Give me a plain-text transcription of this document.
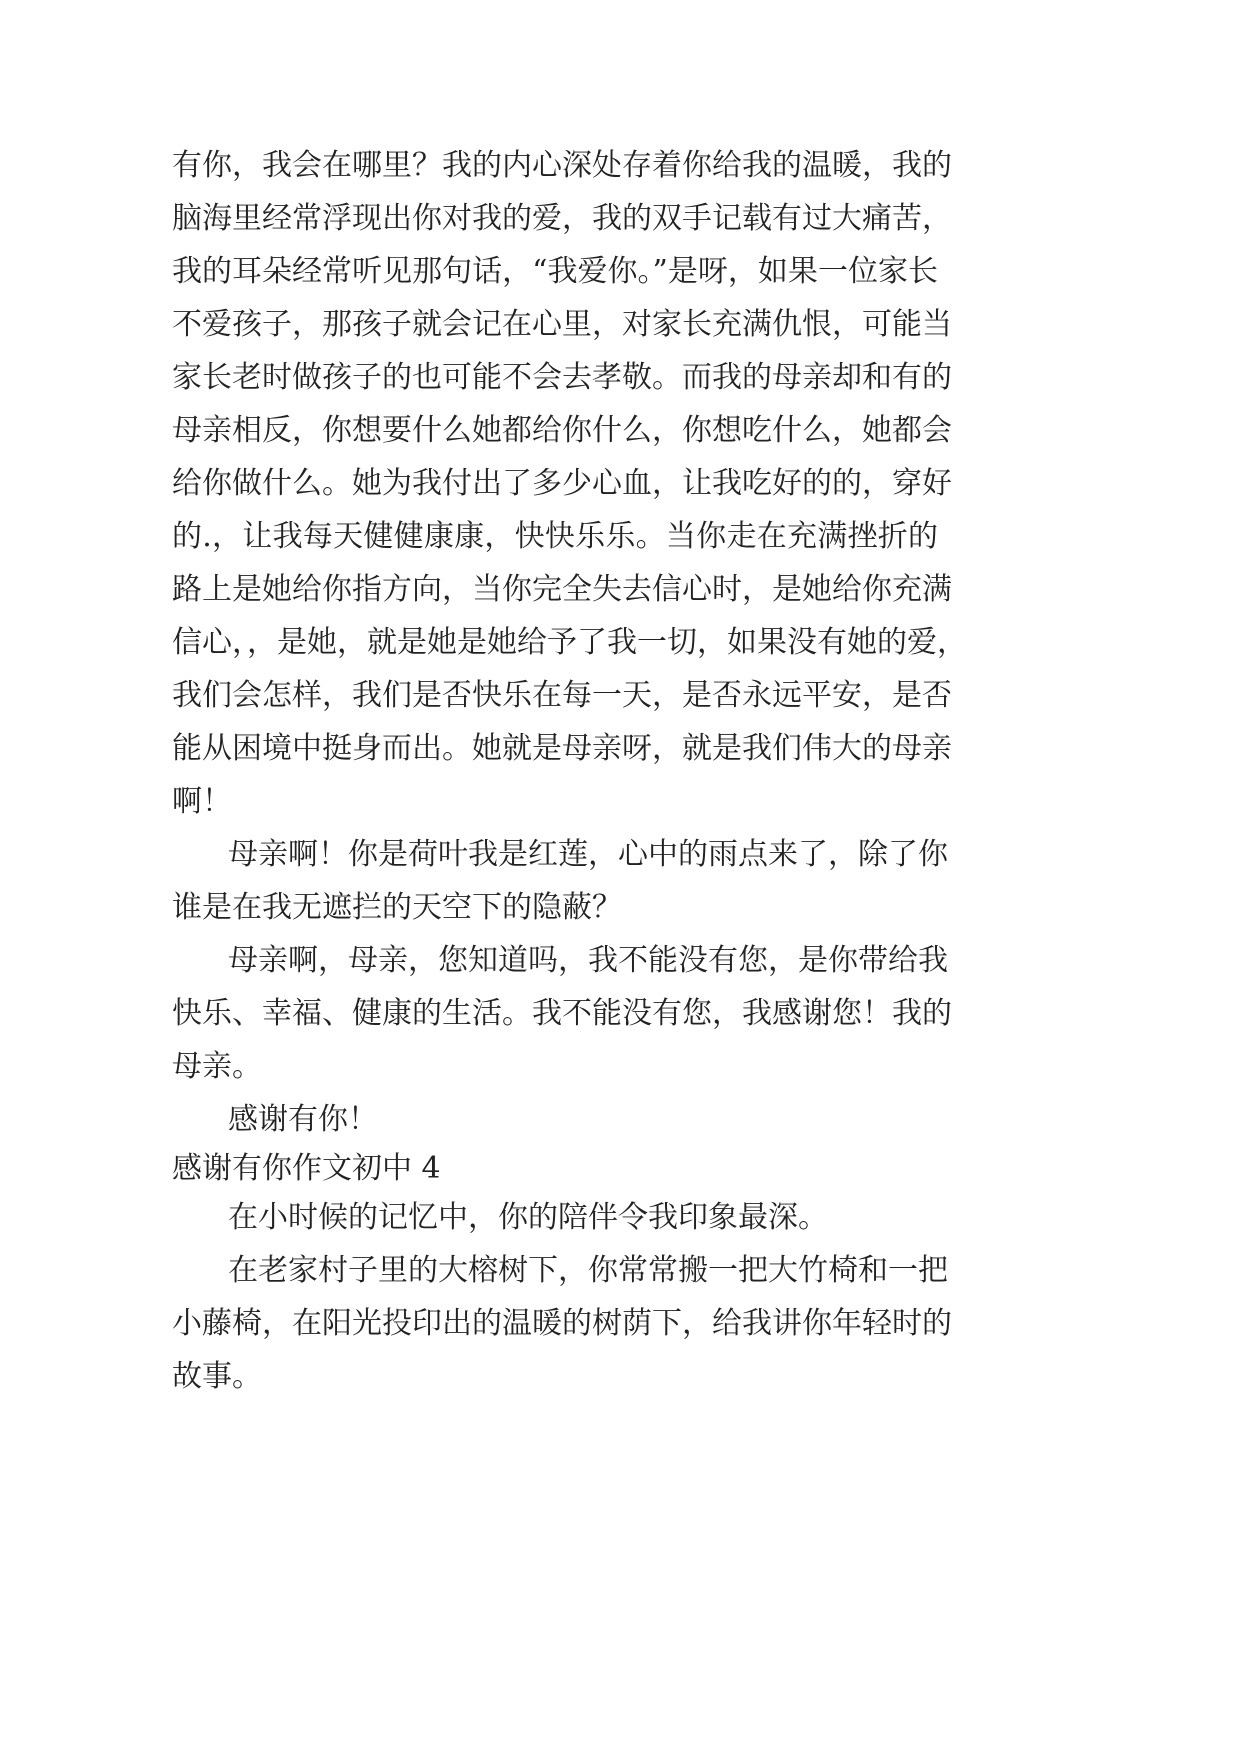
有你，我会在哪里？我的内心深处存着你给我的温暖，我的
脑海里经常浮现出你对我的爱，我的双手记载有过大痛苦，
我的耳朵经常听见那句话，“我爱你。”是呀，如果一位家长
不爱孩子，那孩子就会记在心里，对家长充满仇恨，可能当
家长老时做孩子的也可能不会去孝敬。而我的母亲却和有的
母亲相反，你想要什么她都给你什么，你想吃什么，她都会
给你做什么。她为我付出了多少心血，让我吃好的的，穿好
的.，让我每天健健康康，快快乐乐。当你走在充满挫折的
路上是她给你指方向，当你完全失去信心时，是她给你充满
信心，，是她，就是她是她给予了我一切，如果没有她的爱，
我们会怎样，我们是否快乐在每一天，是否永远平安，是否
能从困境中挺身而出。她就是母亲呀，就是我们伟大的母亲
啊！
母亲啊！你是荷叶我是红莲，心中的雨点来了，除了你
谁是在我无遮拦的天空下的隐蔽？
母亲啊，母亲，您知道吗，我不能没有您，是你带给我
快乐、幸福、健康的生活。我不能没有您，我感谢您！我的
母亲。
感谢有你！
感谢有你作文初中 4
在小时候的记忆中，你的陪伴令我印象最深。
在老家村子里的大榕树下，你常常搬一把大竹椅和一把
小藤椅，在阳光投印出的温暖的树荫下，给我讲你年轻时的
故事。
